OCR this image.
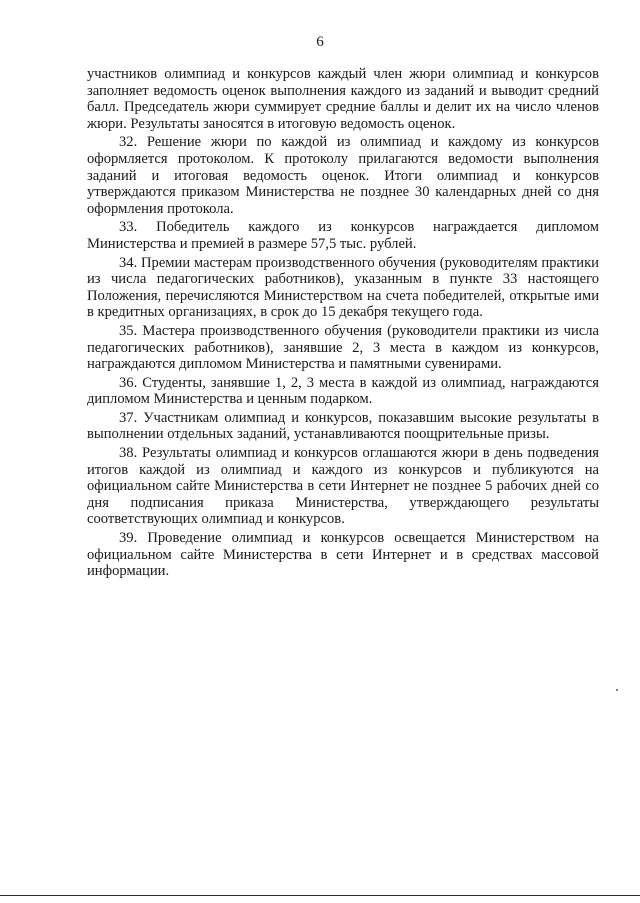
6

участников олимпиад и конкурсов каждый член жюри олимпиад и конкурсов заполняет ведомость оценок выполнения каждого из заданий и выводит средний балл. Председатель жюри суммирует средние баллы и делит их на число членов жюри. Результаты заносятся в итоговую ведомость оценок.

32. Решение жюри по каждой из олимпиад и каждому из конкурсов оформляется протоколом. К протоколу прилагаются ведомости выполнения заданий и итоговая ведомость оценок. Итоги олимпиад и конкурсов утверждаются приказом Министерства не позднее 30 календарных дней со дня оформления протокола.

33. Победитель каждого из конкурсов награждается дипломом Министерства и премией в размере 57,5 тыс. рублей.

34. Премии мастерам производственного обучения (руководителям практики из числа педагогических работников), указанным в пункте 33 настоящего Положения, перечисляются Министерством на счета победителей, открытые ими в кредитных организациях, в срок до 15 декабря текущего года.

35. Мастера производственного обучения (руководители практики из числа педагогических работников), занявшие 2, 3 места в каждом из конкурсов, награждаются дипломом Министерства и памятными сувенирами.

36. Студенты, занявшие 1, 2, 3 места в каждой из олимпиад, награждаются дипломом Министерства и ценным подарком.

37. Участникам олимпиад и конкурсов, показавшим высокие результаты в выполнении отдельных заданий, устанавливаются поощрительные призы.

38. Результаты олимпиад и конкурсов оглашаются жюри в день подведения итогов каждой из олимпиад и каждого из конкурсов и публикуются на официальном сайте Министерства в сети Интернет не позднее 5 рабочих дней со дня подписания приказа Министерства, утверждающего результаты соответствующих олимпиад и конкурсов.

39. Проведение олимпиад и конкурсов освещается Министерством на официальном сайте Министерства в сети Интернет и в средствах массовой информации.
